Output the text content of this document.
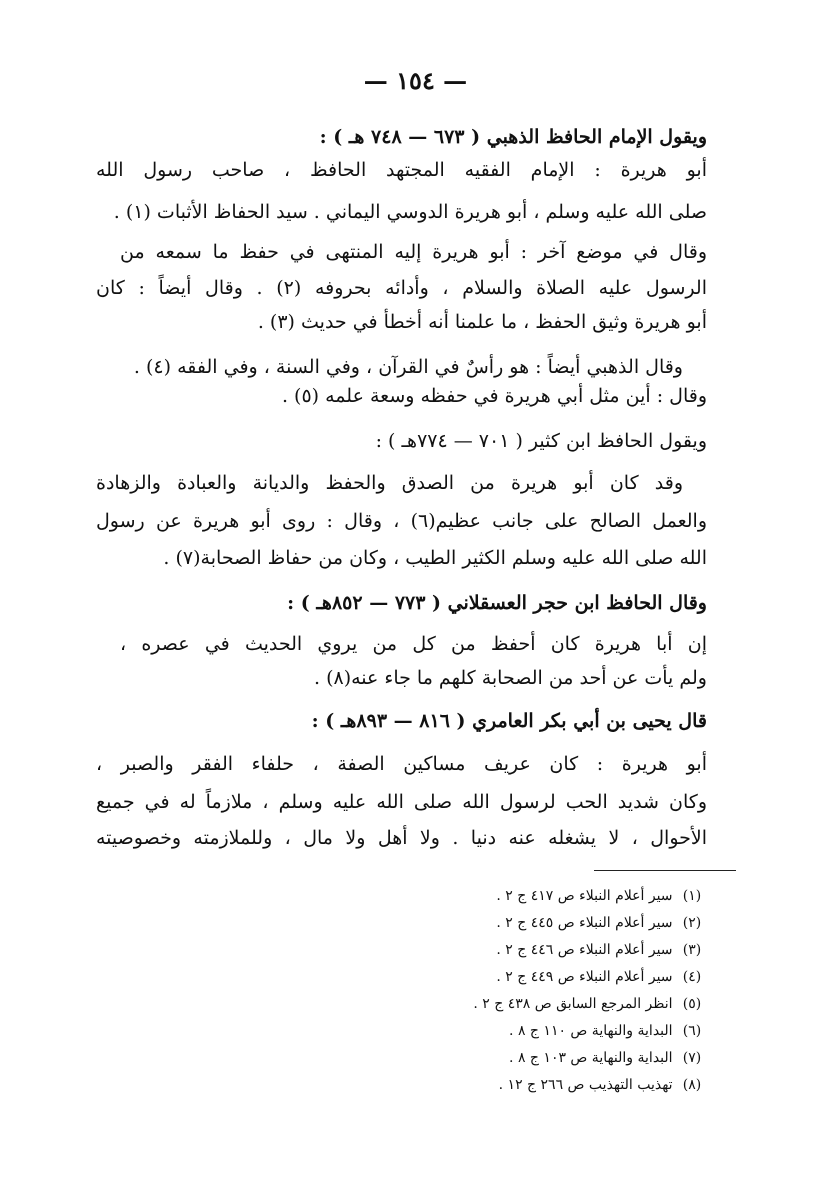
— ١٥٤ —
ويقول الإمام الحافظ الذهبي ( ٦٧٣ — ٧٤٨ هـ ) :
أبو هريرة : الإمام الفقيه المجتهد الحافظ ، صاحب رسول الله
صلى الله عليه وسلم ، أبو هريرة الدوسي اليماني . سيد الحفاظ الأثبات (١) .
وقال في موضع آخر : أبو هريرة إليه المنتهى في حفظ ما سمعه من
الرسول عليه الصلاة والسلام ، وأدائه بحروفه (٢) . وقال أيضاً : كان
أبو هريرة وثيق الحفظ ، ما علمنا أنه أخطأ في حديث (٣) .
وقال الذهبي أيضاً : هو رأسٌ في القرآن ، وفي السنة ، وفي الفقه (٤) .
وقال : أين مثل أبي هريرة في حفظه وسعة علمه (٥) .
ويقول الحافظ ابن كثير ( ٧٠١ — ٧٧٤هـ ) :
وقد كان أبو هريرة من الصدق والحفظ والديانة والعبادة والزهادة
والعمل الصالح على جانب عظيم(٦) ، وقال : روى أبو هريرة عن رسول
الله صلى الله عليه وسلم الكثير الطيب ، وكان من حفاظ الصحابة(٧) .
وقال الحافظ ابن حجر العسقلاني ( ٧٧٣ — ٨٥٢هـ ) :
إن أبا هريرة كان أحفظ من كل من يروي الحديث في عصره ،
ولم يأت عن أحد من الصحابة كلهم ما جاء عنه(٨) .
قال يحيى بن أبي بكر العامري ( ٨١٦ — ٨٩٣هـ ) :
أبو هريرة : كان عريف مساكين الصفة ، حلفاء الفقر والصبر ،
وكان شديد الحب لرسول الله صلى الله عليه وسلم ، ملازماً له في جميع
الأحوال ، لا يشغله عنه دنيا . ولا أهل ولا مال ، وللملازمته وخصوصيته
(١) سير أعلام النبلاء ص ٤١٧ ج ٢ .
(٢) سير أعلام النبلاء ص ٤٤٥ ج ٢ .
(٣) سير أعلام النبلاء ص ٤٤٦ ج ٢ .
(٤) سير أعلام النبلاء ص ٤٤٩ ج ٢ .
(٥) انظر المرجع السابق ص ٤٣٨ ج ٢ .
(٦) البداية والنهاية ص ١١٠ ج ٨ .
(٧) البداية والنهاية ص ١٠٣ ج ٨ .
(٨) تهذيب التهذيب ص ٢٦٦ ج ١٢ .
